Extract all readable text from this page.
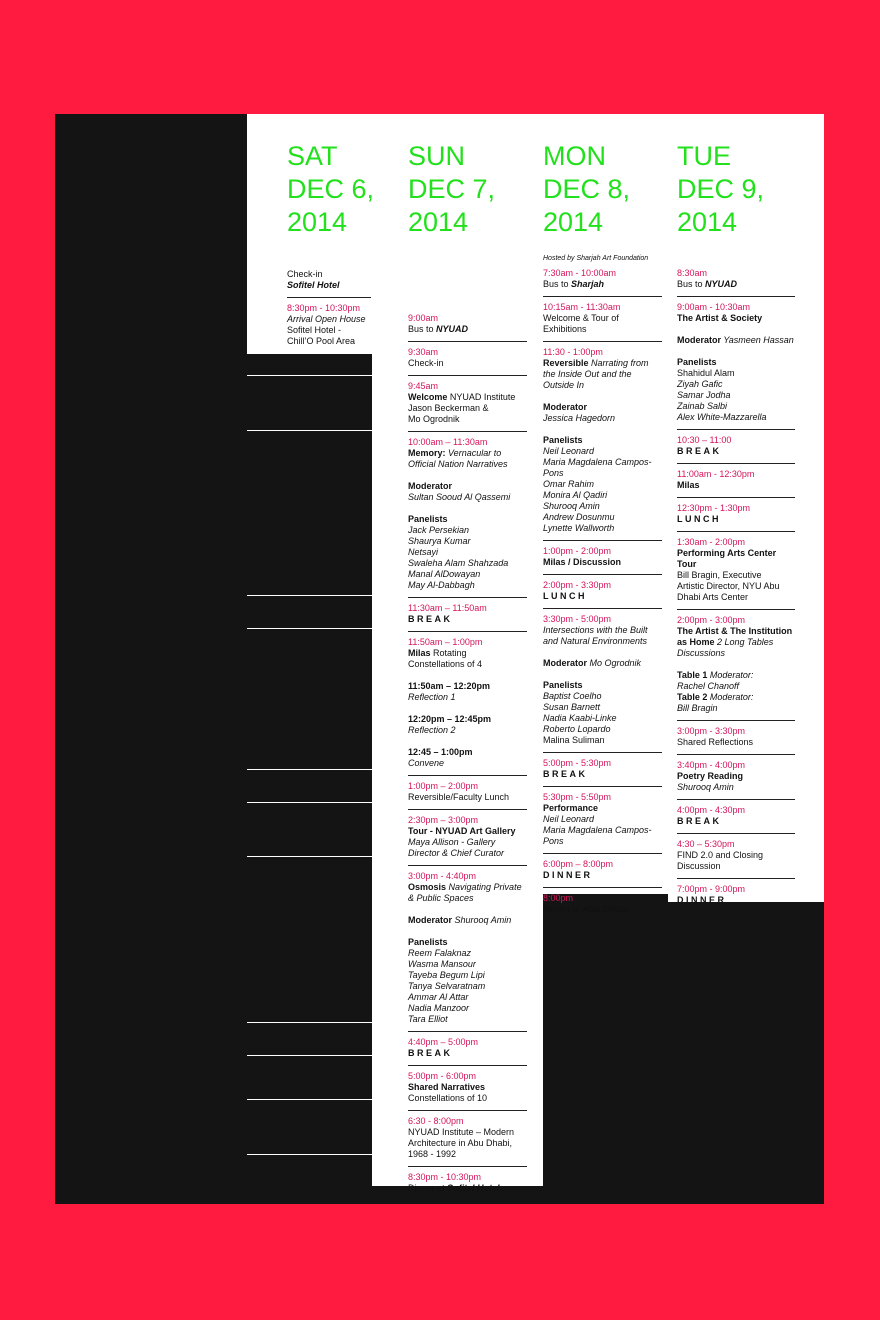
SAT
DEC 6,
2014
SUN
DEC 7,
2014
MON
DEC 8,
2014
TUE
DEC 9,
2014
Hosted by Sharjah Art Foundation
Check-in
Sofitel Hotel
8:30pm - 10:30pm
Arrival Open House
Sofitel Hotel -
Chill’O Pool Area
9:00am
Bus to NYUAD
9:30am
Check-in
9:45am
Welcome NYUAD Institute
Jason Beckerman &
Mo Ogrodnik
10:00am – 11:30am
Memory: Vernacular to
Official Nation Narratives
Moderator
Sultan Sooud Al Qassemi
Panelists
Jack Persekian
Shaurya Kumar
Netsayi
Swaleha Alam Shahzada
Manal AlDowayan
May Al-Dabbagh
11:30am – 11:50am
BREAK
11:50am – 1:00pm
Milas Rotating
Constellations of 4
11:50am – 12:20pm
Reflection 1
12:20pm – 12:45pm
Reflection 2
12:45 – 1:00pm
Convene
1:00pm – 2:00pm
Reversible/Faculty Lunch
2:30pm – 3:00pm
Tour - NYUAD Art Gallery
Maya Allison - Gallery
Director & Chief Curator
3:00pm - 4:40pm
Osmosis Navigating Private
& Public Spaces
Moderator Shurooq Amin
Panelists
Reem Falaknaz
Wasma Mansour
Tayeba Begum Lipi
Tanya Selvaratnam
Ammar Al Attar
Nadia Manzoor
Tara Elliot
4:40pm – 5:00pm
BREAK
5:00pm - 6:00pm
Shared Narratives
Constellations of 10
6:30 - 8:00pm
NYUAD Institute – Modern
Architecture in Abu Dhabi,
1968 - 1992
8:30pm - 10:30pm
Dinner at Sofitel Hotel
7:30am - 10:00am
Bus to Sharjah
10:15am - 11:30am
Welcome & Tour of Exhibitions
11:30 - 1:00pm
Reversible Narrating from
the Inside Out and the
Outside In
Moderator
Jessica Hagedorn
Panelists
Neil Leonard
Maria Magdalena Campos-Pons
Omar Rahim
Monira Al Qadiri
Shurooq Amin
Andrew Dosunmu
Lynette Wallworth
1:00pm - 2:00pm
Milas / Discussion
2:00pm - 3:30pm
LUNCH
3:30pm - 5:00pm
Intersections with the Built
and Natural Environments
Moderator Mo Ogrodnik
Panelists
Baptist Coelho
Susan Barnett
Nadia Kaabi-Linke
Roberto Lopardo
Malina Suliman
5:00pm - 5:30pm
BREAK
5:30pm - 5:50pm
Performance
Neil Leonard
Maria Magdalena Campos-Pons
6:00pm – 8:00pm
DINNER
8:00pm
Return to Abu Dhabi
8:30am
Bus to NYUAD
9:00am - 10:30am
The Artist & Society
Moderator Yasmeen Hassan
Panelists
Shahidul Alam
Ziyah Gafic
Samar Jodha
Zainab Salbi
Alex White-Mazzarella
10:30 – 11:00
BREAK
11:00am - 12:30pm
Milas
12:30pm - 1:30pm
LUNCH
1:30am - 2:00pm
Performing Arts Center Tour
Bill Bragin, Executive
Artistic Director, NYU Abu
Dhabi Arts Center
2:00pm - 3:00pm
The Artist & The Institution
as Home 2 Long Tables
Discussions
Table 1 Moderator:
Rachel Chanoff
Table 2 Moderator:
Bill Bragin
3:00pm - 3:30pm
Shared Reflections
3:40pm - 4:00pm
Poetry Reading
Shurooq Amin
4:00pm - 4:30pm
BREAK
4:30 – 5:30pm
FIND 2.0 and Closing
Discussion
7:00pm - 9:00pm
DINNER
